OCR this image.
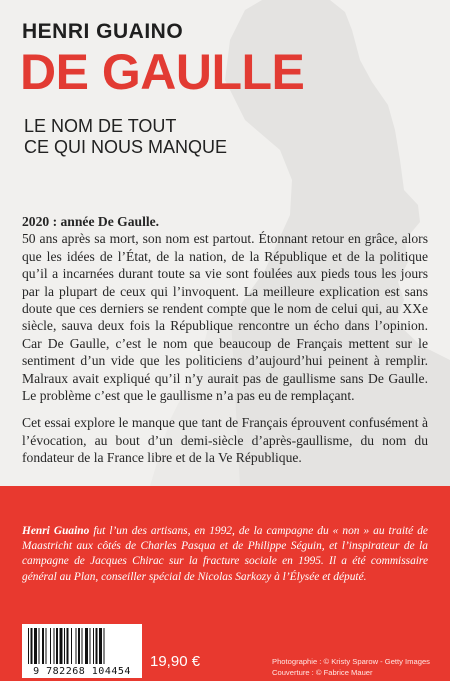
HENRI GUAINO
DE GAULLE
LE NOM DE TOUT
CE QUI NOUS MANQUE

2020 : année De Gaulle.

50 ans après sa mort, son nom est partout. Étonnant retour en grâce, alors que les idées de l’État, de la nation, de la République et de la politique qu’il a incarnées durant toute sa vie sont foulées aux pieds tous les jours par la plupart de ceux qui l’invoquent. La meilleure explication est sans doute que ces derniers se rendent compte que le nom de celui qui, au XXe siècle, sauva deux fois la République rencontre un écho dans l’opinion. Car De Gaulle, c’est le nom que beaucoup de Français mettent sur le sentiment d’un vide que les politiciens d’aujourd’hui peinent à remplir. Malraux avait expliqué qu’il n’y aurait pas de gaullisme sans De Gaulle. Le problème c’est que le gaullisme n’a pas eu de remplaçant.

Cet essai explore le manque que tant de Français éprouvent confusément à l’évocation, au bout d’un demi-siècle d’après-gaullisme, du nom du fondateur de la France libre et de la Ve République.

Henri Guaino fut l’un des artisans, en 1992, de la campagne du « non » au traité de Maastricht aux côtés de Charles Pasqua et de Philippe Séguin, et l’inspirateur de la campagne de Jacques Chirac sur la fracture sociale en 1995. Il a été commissaire général au Plan, conseiller spécial de Nicolas Sarkozy à l’Élysée et député.
9 782268 104454
19,90 €	Photographie : © Kristy Sparow - Getty Images
Couverture : © Fabrice Mauer
